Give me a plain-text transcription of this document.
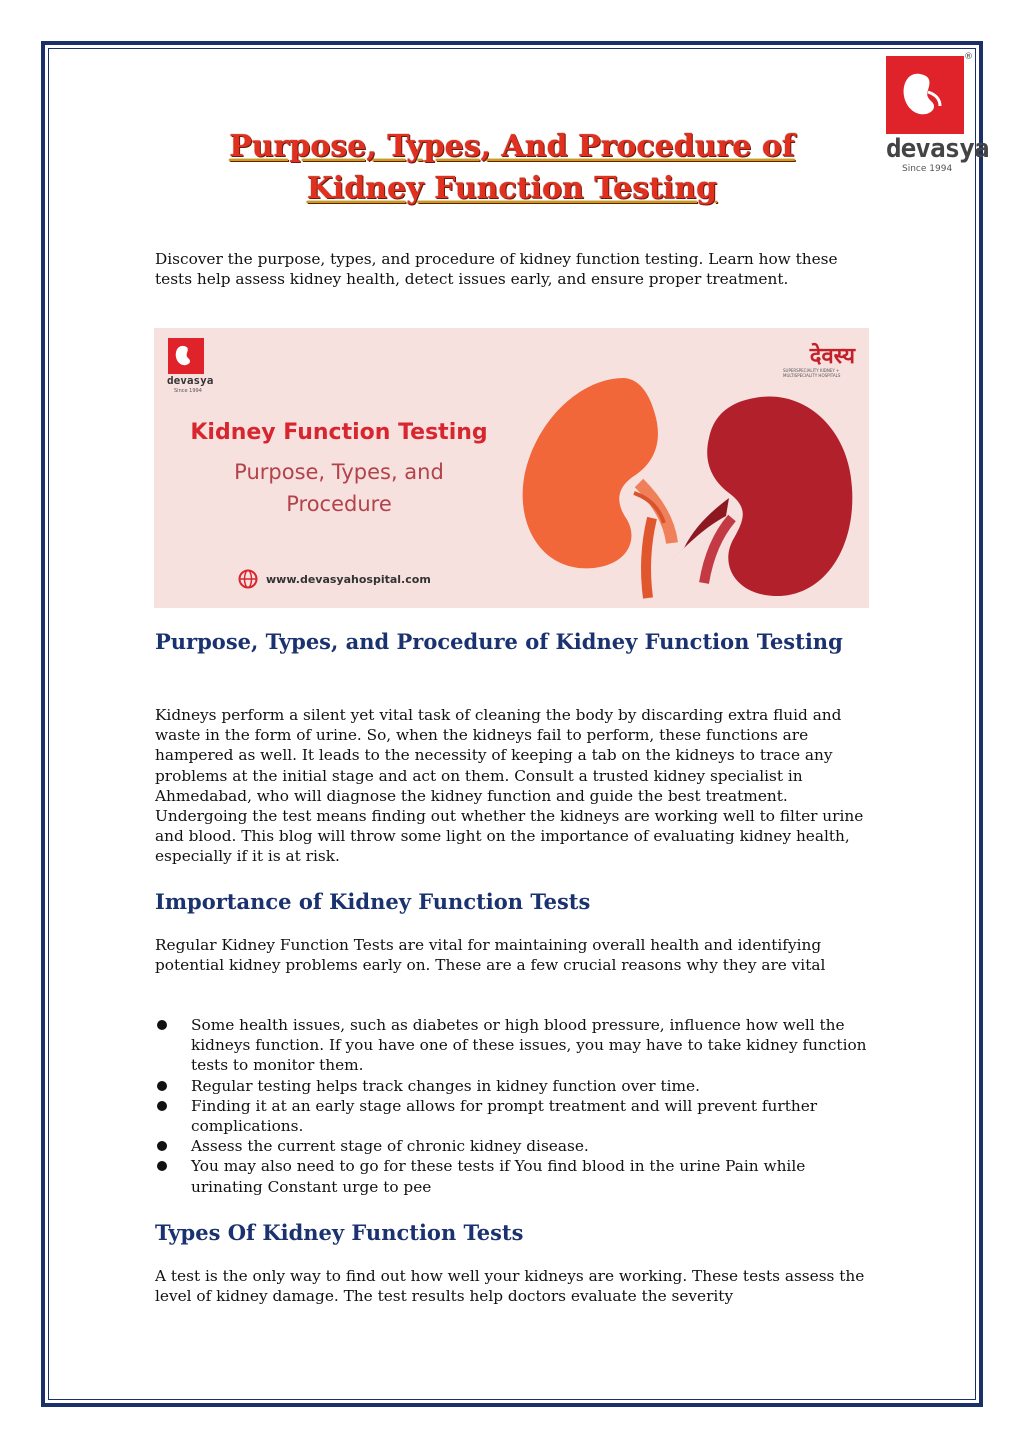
®
devasya
Since 1994
Purpose, Types, And Procedure of
Kidney Function Testing
Discover the purpose, types, and procedure of kidney function testing. Learn how these tests help assess kidney health, detect issues early, and ensure proper treatment.
devasya
Since 1994
देवस्य
SUPERSPECIALITY KIDNEY + MULTISPECIALITY HOSPITALS
Kidney Function Testing
Purpose, Types, and
Procedure
www.devasyahospital.com
Purpose, Types, and Procedure of Kidney Function Testing
Kidneys perform a silent yet vital task of cleaning the body by discarding extra fluid and waste in the form of urine. So, when the kidneys fail to perform, these functions are hampered as well. It leads to the necessity of keeping a tab on the kidneys to trace any problems at the initial stage and act on them. Consult a trusted kidney specialist in Ahmedabad, who will diagnose the kidney function and guide the best treatment. Undergoing the test means finding out whether the kidneys are working well to filter urine and blood. This blog will throw some light on the importance of evaluating kidney health, especially if it is at risk.
Importance of Kidney Function Tests
Regular Kidney Function Tests are vital for maintaining overall health and identifying potential kidney problems early on. These are a few crucial reasons why they are vital
Some health issues, such as diabetes or high blood pressure, influence how well the kidneys function. If you have one of these issues, you may have to take kidney function tests to monitor them.
Regular testing helps track changes in kidney function over time.
Finding it at an early stage allows for prompt treatment and will prevent further complications.
Assess the current stage of chronic kidney disease.
You may also need to go for these tests if You find blood in the urine Pain while urinating Constant urge to pee
Types Of Kidney Function Tests
A test is the only way to find out how well your kidneys are working. These tests assess the level of kidney damage. The test results help doctors evaluate the severity
